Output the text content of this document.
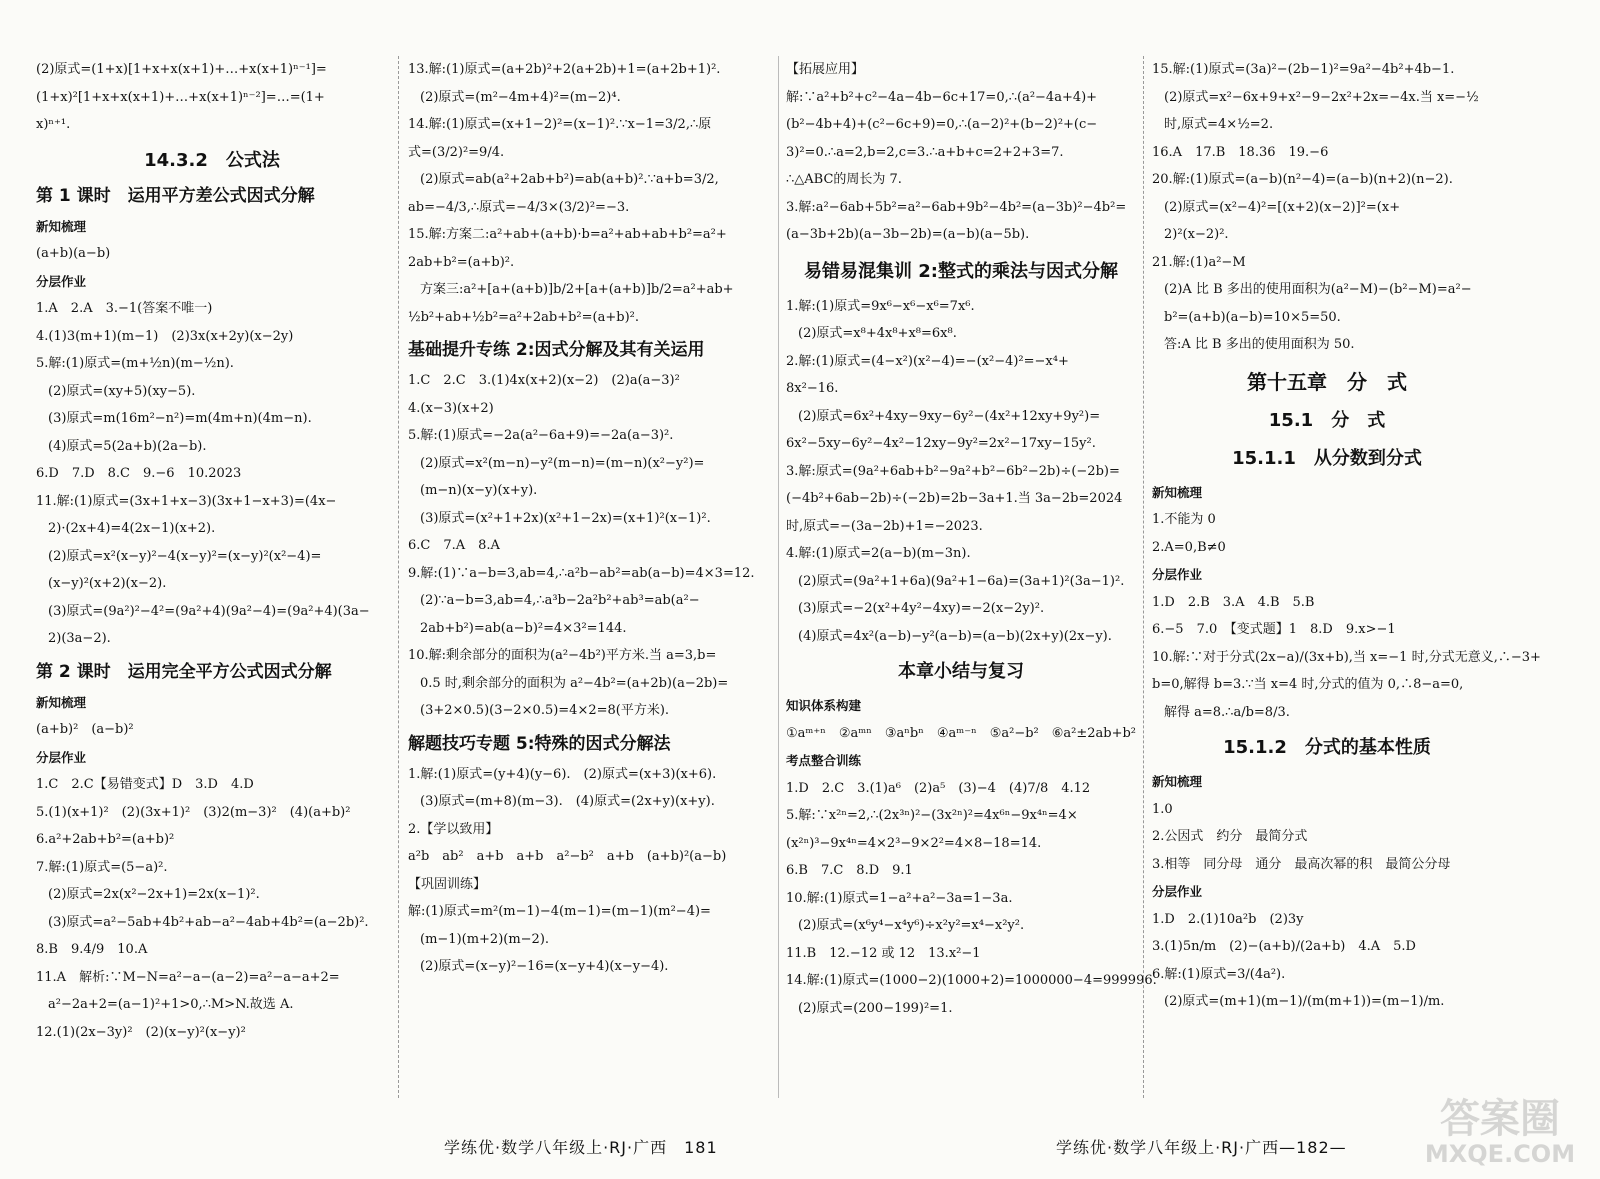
(2)原式=(1+x)[1+x+x(x+1)+…+x(x+1)ⁿ⁻¹]=

(1+x)²[1+x+x(x+1)+…+x(x+1)ⁿ⁻²]=…=(1+

x)ⁿ⁺¹.

14.3.2　公式法
第 1 课时　运用平方差公式因式分解

新知梳理

(a+b)(a−b)

分层作业

1.A　2.A　3.−1(答案不唯一)

4.(1)3(m+1)(m−1)　(2)3x(x+2y)(x−2y)

5.解:(1)原式=(m+½n)(m−½n).

(2)原式=(xy+5)(xy−5).

(3)原式=m(16m²−n²)=m(4m+n)(4m−n).

(4)原式=5(2a+b)(2a−b).

6.D　7.D　8.C　9.−6　10.2023

11.解:(1)原式=(3x+1+x−3)(3x+1−x+3)=(4x−

2)·(2x+4)=4(2x−1)(x+2).

(2)原式=x²(x−y)²−4(x−y)²=(x−y)²(x²−4)=

(x−y)²(x+2)(x−2).

(3)原式=(9a²)²−4²=(9a²+4)(9a²−4)=(9a²+4)(3a−

2)(3a−2).

第 2 课时　运用完全平方公式因式分解

新知梳理

(a+b)²　(a−b)²

分层作业

1.C　2.C【易错变式】D　3.D　4.D

5.(1)(x+1)²　(2)(3x+1)²　(3)2(m−3)²　(4)(a+b)²

6.a²+2ab+b²=(a+b)²

7.解:(1)原式=(5−a)².

(2)原式=2x(x²−2x+1)=2x(x−1)².

(3)原式=a²−5ab+4b²+ab−a²−4ab+4b²=(a−2b)².

8.B　9.4/9　10.A

11.A　解析:∵M−N=a²−a−(a−2)=a²−a−a+2=

a²−2a+2=(a−1)²+1>0,∴M>N.故选 A.

12.(1)(2x−3y)²　(2)(x−y)²(x−y)²

13.解:(1)原式=(a+2b)²+2(a+2b)+1=(a+2b+1)².

(2)原式=(m²−4m+4)²=(m−2)⁴.

14.解:(1)原式=(x+1−2)²=(x−1)².∵x−1=3/2,∴原

式=(3/2)²=9/4.

(2)原式=ab(a²+2ab+b²)=ab(a+b)².∵a+b=3/2,

ab=−4/3,∴原式=−4/3×(3/2)²=−3.

15.解:方案二:a²+ab+(a+b)·b=a²+ab+ab+b²=a²+

2ab+b²=(a+b)².

方案三:a²+[a+(a+b)]b/2+[a+(a+b)]b/2=a²+ab+

½b²+ab+½b²=a²+2ab+b²=(a+b)².

基础提升专练 2:因式分解及其有关运用

1.C　2.C　3.(1)4x(x+2)(x−2)　(2)a(a−3)²

4.(x−3)(x+2)

5.解:(1)原式=−2a(a²−6a+9)=−2a(a−3)².

(2)原式=x²(m−n)−y²(m−n)=(m−n)(x²−y²)=

(m−n)(x−y)(x+y).

(3)原式=(x²+1+2x)(x²+1−2x)=(x+1)²(x−1)².

6.C　7.A　8.A

9.解:(1)∵a−b=3,ab=4,∴a²b−ab²=ab(a−b)=4×3=12.

(2)∵a−b=3,ab=4,∴a³b−2a²b²+ab³=ab(a²−

2ab+b²)=ab(a−b)²=4×3²=144.

10.解:剩余部分的面积为(a²−4b²)平方米.当 a=3,b=

0.5 时,剩余部分的面积为 a²−4b²=(a+2b)(a−2b)=

(3+2×0.5)(3−2×0.5)=4×2=8(平方米).

解题技巧专题 5:特殊的因式分解法

1.解:(1)原式=(y+4)(y−6).　(2)原式=(x+3)(x+6).

(3)原式=(m+8)(m−3).　(4)原式=(2x+y)(x+y).

2.【学以致用】

a²b　ab²　a+b　a+b　a²−b²　a+b　(a+b)²(a−b)

【巩固训练】

解:(1)原式=m²(m−1)−4(m−1)=(m−1)(m²−4)=

(m−1)(m+2)(m−2).

(2)原式=(x−y)²−16=(x−y+4)(x−y−4).

【拓展应用】

解:∵a²+b²+c²−4a−4b−6c+17=0,∴(a²−4a+4)+

(b²−4b+4)+(c²−6c+9)=0,∴(a−2)²+(b−2)²+(c−

3)²=0.∴a=2,b=2,c=3.∴a+b+c=2+2+3=7.

∴△ABC的周长为 7.

3.解:a²−6ab+5b²=a²−6ab+9b²−4b²=(a−3b)²−4b²=

(a−3b+2b)(a−3b−2b)=(a−b)(a−5b).

易错易混集训 2:整式的乘法与因式分解

1.解:(1)原式=9x⁶−x⁶−x⁶=7x⁶.

(2)原式=x⁸+4x⁸+x⁸=6x⁸.

2.解:(1)原式=(4−x²)(x²−4)=−(x²−4)²=−x⁴+

8x²−16.

(2)原式=6x²+4xy−9xy−6y²−(4x²+12xy+9y²)=

6x²−5xy−6y²−4x²−12xy−9y²=2x²−17xy−15y².

3.解:原式=(9a²+6ab+b²−9a²+b²−6b²−2b)÷(−2b)=

(−4b²+6ab−2b)÷(−2b)=2b−3a+1.当 3a−2b=2024

时,原式=−(3a−2b)+1=−2023.

4.解:(1)原式=2(a−b)(m−3n).

(2)原式=(9a²+1+6a)(9a²+1−6a)=(3a+1)²(3a−1)².

(3)原式=−2(x²+4y²−4xy)=−2(x−2y)².

(4)原式=4x²(a−b)−y²(a−b)=(a−b)(2x+y)(2x−y).

本章小结与复习

知识体系构建

①aᵐ⁺ⁿ　②aᵐⁿ　③aⁿbⁿ　④aᵐ⁻ⁿ　⑤a²−b²　⑥a²±2ab+b²

考点整合训练

1.D　2.C　3.(1)a⁶　(2)a⁵　(3)−4　(4)7/8　4.12

5.解:∵x²ⁿ=2,∴(2x³ⁿ)²−(3x²ⁿ)²=4x⁶ⁿ−9x⁴ⁿ=4×

(x²ⁿ)³−9x⁴ⁿ=4×2³−9×2²=4×8−18=14.

6.B　7.C　8.D　9.1

10.解:(1)原式=1−a²+a²−3a=1−3a.

(2)原式=(x⁶y⁴−x⁴y⁶)÷x²y²=x⁴−x²y².

11.B　12.−12 或 12　13.x²−1

14.解:(1)原式=(1000−2)(1000+2)=1000000−4=999996.

(2)原式=(200−199)²=1.

15.解:(1)原式=(3a)²−(2b−1)²=9a²−4b²+4b−1.

(2)原式=x²−6x+9+x²−9−2x²+2x=−4x.当 x=−½

时,原式=4×½=2.

16.A　17.B　18.36　19.−6

20.解:(1)原式=(a−b)(n²−4)=(a−b)(n+2)(n−2).

(2)原式=(x²−4)²=[(x+2)(x−2)]²=(x+

2)²(x−2)².

21.解:(1)a²−M

(2)A 比 B 多出的使用面积为(a²−M)−(b²−M)=a²−

b²=(a+b)(a−b)=10×5=50.

答:A 比 B 多出的使用面积为 50.

第十五章　分　式
15.1　分　式
15.1.1　从分数到分式

新知梳理

1.不能为 0

2.A=0,B≠0

分层作业

1.D　2.B　3.A　4.B　5.B

6.−5　7.0　【变式题】1　8.D　9.x>−1

10.解:∵对于分式(2x−a)/(3x+b),当 x=−1 时,分式无意义,∴−3+

b=0,解得 b=3.∵当 x=4 时,分式的值为 0,∴8−a=0,

解得 a=8.∴a/b=8/3.

15.1.2　分式的基本性质

新知梳理

1.0

2.公因式　约分　最简分式

3.相等　同分母　通分　最高次幂的积　最简公分母

分层作业

1.D　2.(1)10a²b　(2)3y

3.(1)5n/m　(2)−(a+b)/(2a+b)　4.A　5.D

6.解:(1)原式=3/(4a²).

(2)原式=(m+1)(m−1)/(m(m+1))=(m−1)/m.

学练优·数学八年级上·RJ·广西　181	学练优·数学八年级上·RJ·广西—182—
答案圈
MXQE.COM
